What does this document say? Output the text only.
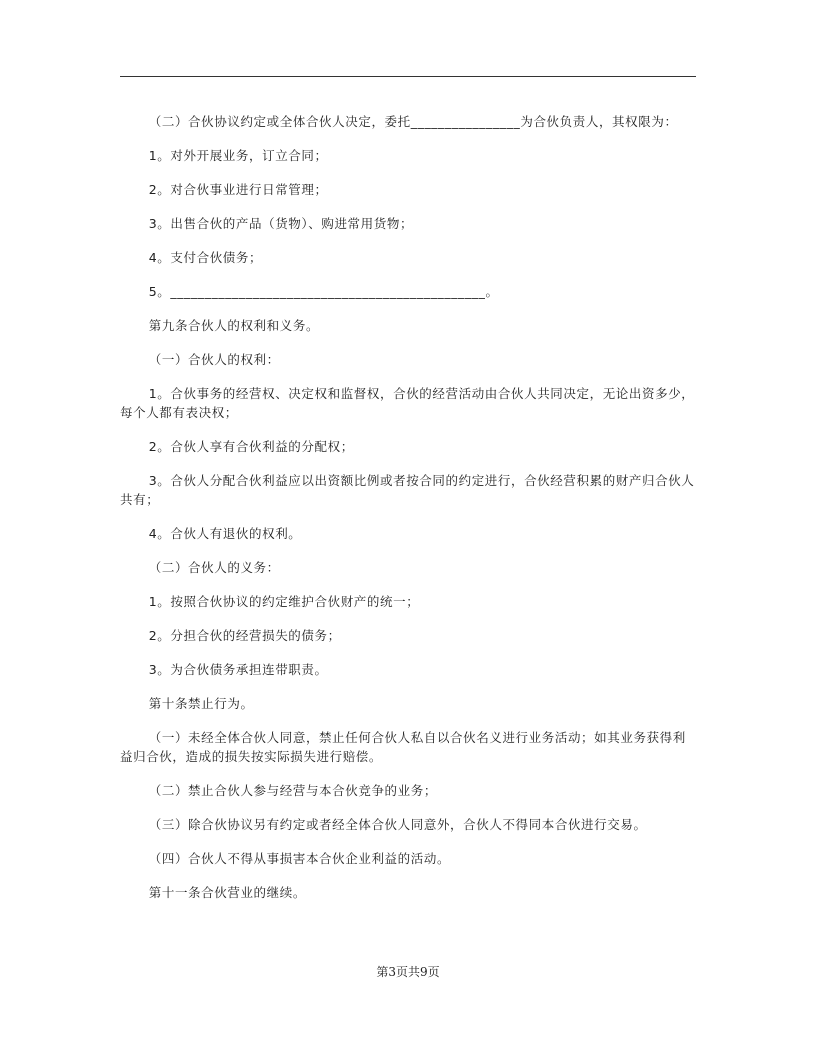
（二）合伙协议约定或全体合伙人决定，委托________________为合伙负责人，其权限为：

1。对外开展业务，订立合同；

2。对合伙事业进行日常管理；

3。出售合伙的产品（货物）、购进常用货物；

4。支付合伙债务；

5。______________________________________________。

第九条合伙人的权利和义务。

（一）合伙人的权利：

1。合伙事务的经营权、决定权和监督权，合伙的经营活动由合伙人共同决定，无论出资多少，每个人都有表决权；

2。合伙人享有合伙利益的分配权；

3。合伙人分配合伙利益应以出资额比例或者按合同的约定进行，合伙经营积累的财产归合伙人共有；

4。合伙人有退伙的权利。

（二）合伙人的义务：

1。按照合伙协议的约定维护合伙财产的统一；

2。分担合伙的经营损失的债务；

3。为合伙债务承担连带职责。

第十条禁止行为。

（一）未经全体合伙人同意，禁止任何合伙人私自以合伙名义进行业务活动；如其业务获得利益归合伙，造成的损失按实际损失进行赔偿。

（二）禁止合伙人参与经营与本合伙竞争的业务；

（三）除合伙协议另有约定或者经全体合伙人同意外，合伙人不得同本合伙进行交易。

（四）合伙人不得从事损害本合伙企业利益的活动。

第十一条合伙营业的继续。

第3页共9页
